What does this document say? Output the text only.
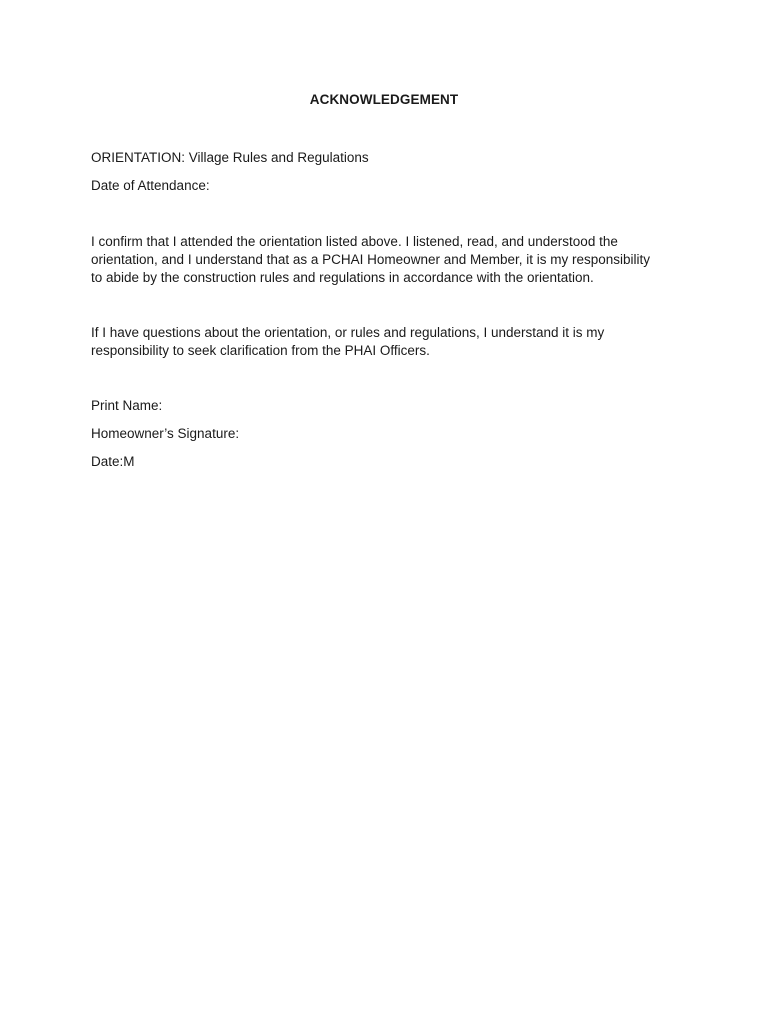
ACKNOWLEDGEMENT
ORIENTATION: Village Rules and Regulations
Date of Attendance:
I confirm that I attended the orientation listed above. I listened, read, and understood the
orientation, and I understand that as a PCHAI Homeowner and Member, it is my responsibility
to abide by the construction rules and regulations in accordance with the orientation.
If I have questions about the orientation, or rules and regulations, I understand it is my
responsibility to seek clarification from the PHAI Officers.
Print Name:
Homeowner’s Signature:
Date:M
